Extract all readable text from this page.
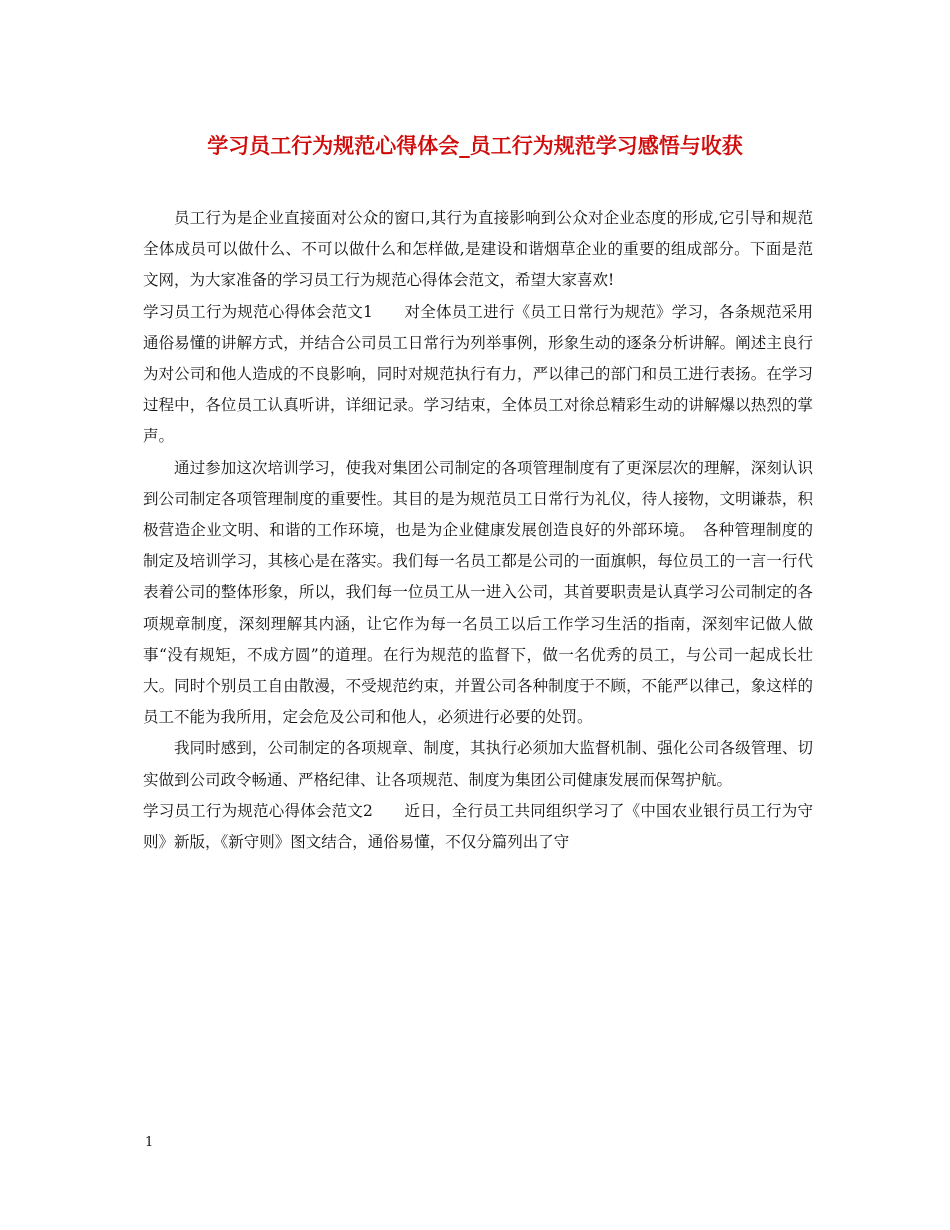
学习员工行为规范心得体会_员工行为规范学习感悟与收获

员工行为是企业直接面对公众的窗口,其行为直接影响到公众对企业态度的形成,它引导和规范全体成员可以做什么、不可以做什么和怎样做,是建设和谐烟草企业的重要的组成部分。下面是范文网，为大家准备的学习员工行为规范心得体会范文，希望大家喜欢!

学习员工行为规范心得体会范文1　　对全体员工进行《员工日常行为规范》学习，各条规范采用通俗易懂的讲解方式，并结合公司员工日常行为列举事例，形象生动的逐条分析讲解。阐述主良行为对公司和他人造成的不良影响，同时对规范执行有力，严以律己的部门和员工进行表扬。在学习过程中，各位员工认真听讲，详细记录。学习结束，全体员工对徐总精彩生动的讲解爆以热烈的掌声。

通过参加这次培训学习，使我对集团公司制定的各项管理制度有了更深层次的理解，深刻认识到公司制定各项管理制度的重要性。其目的是为规范员工日常行为礼仪，待人接物，文明谦恭，积极营造企业文明、和谐的工作环境，也是为企业健康发展创造良好的外部环境。　各种管理制度的制定及培训学习，其核心是在落实。我们每一名员工都是公司的一面旗帜，每位员工的一言一行代表着公司的整体形象，所以，我们每一位员工从一进入公司，其首要职责是认真学习公司制定的各项规章制度，深刻理解其内涵，让它作为每一名员工以后工作学习生活的指南，深刻牢记做人做事“没有规矩，不成方圆”的道理。在行为规范的监督下，做一名优秀的员工，与公司一起成长壮大。同时个别员工自由散漫，不受规范约束，并置公司各种制度于不顾，不能严以律己，象这样的员工不能为我所用，定会危及公司和他人，必须进行必要的处罚。

我同时感到，公司制定的各项规章、制度，其执行必须加大监督机制、强化公司各级管理、切实做到公司政令畅通、严格纪律、让各项规范、制度为集团公司健康发展而保驾护航。

学习员工行为规范心得体会范文2　　近日，全行员工共同组织学习了《中国农业银行员工行为守则》新版，《新守则》图文结合，通俗易懂，不仅分篇列出了守

1
